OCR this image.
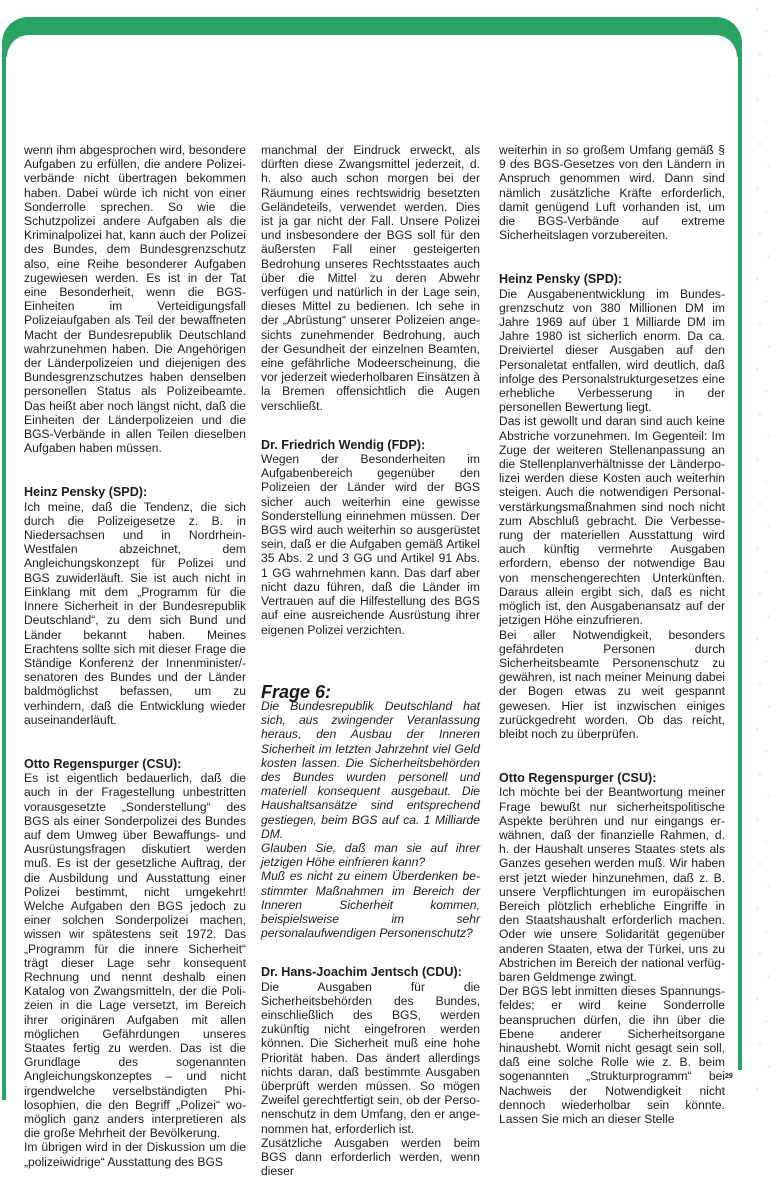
wenn ihm abgesprochen wird, besondere Aufgaben zu erfüllen, die andere Polizeiverbände nicht übertragen bekommen haben. Dabei würde ich nicht von einer Sonderrolle sprechen. So wie die Schutzpolizei andere Aufgaben als die Kriminalpolizei hat, kann auch der Polizei des Bundes, dem Bundesgrenzschutz also, eine Reihe besonderer Aufgaben zugewiesen werden. Es ist in der Tat eine Besonderheit, wenn die BGS-Einheiten im Verteidigungsfall Polizeiaufgaben als Teil der bewaffneten Macht der Bundesrepublik Deutschland wahrzunehmen haben. Die Angehörigen der Länderpolizeien und diejenigen des Bundesgrenzschutzes haben denselben personellen Status als Polizeibeamte. Das heißt aber noch längst nicht, daß die Einheiten der Länderpolizeien und die BGS-Verbände in allen Teilen dieselben Aufgaben haben müssen.

Heinz Pensky (SPD):

Ich meine, daß die Tendenz, die sich durch die Polizeigesetze z. B. in Niedersachsen und in Nordrhein-Westfalen abzeichnet, dem Angleichungskonzept für Polizei und BGS zuwiderläuft. Sie ist auch nicht in Einklang mit dem „Programm für die Innere Sicherheit in der Bundesrepublik Deutschland“, zu dem sich Bund und Länder bekannt haben. Meines Erachtens sollte sich mit dieser Frage die Ständige Konferenz der Innenminister/-senatoren des Bundes und der Länder baldmöglichst befassen, um zu verhindern, daß die Entwicklung wieder auseinanderläuft.

Otto Regenspurger (CSU):

Es ist eigentlich bedauerlich, daß die auch in der Fragestellung unbestritten vorausgesetzte „Sonderstellung“ des BGS als einer Sonderpolizei des Bundes auf dem Umweg über Bewaffungs- und Ausrüstungsfragen diskutiert werden muß. Es ist der gesetzliche Auftrag, der die Ausbildung und Ausstattung einer Polizei bestimmt, nicht umgekehrt! Welche Aufgaben den BGS jedoch zu einer solchen Sonderpolizei machen, wissen wir spätestens seit 1972. Das „Programm für die innere Sicherheit“ trägt dieser Lage sehr konsequent Rechnung und nennt deshalb einen Katalog von Zwangsmitteln, der die Polizeien in die Lage versetzt, im Bereich ihrer originären Aufgaben mit allen möglichen Gefährdungen unseres Staates fertig zu werden. Das ist die Grundlage des sogenannten Angleichungskonzeptes – und nicht irgendwelche verselbständigten Philosophien, die den Begriff „Polizei“ womöglich ganz anders interpretieren als die große Mehrheit der Bevölkerung.

Im übrigen wird in der Diskussion um die „polizeiwidrige“ Ausstattung des BGS

manchmal der Eindruck erweckt, als dürften diese Zwangsmittel jederzeit, d. h. also auch schon morgen bei der Räumung eines rechtswidrig besetzten Geländeteils, verwendet werden. Dies ist ja gar nicht der Fall. Unsere Polizei und insbesondere der BGS soll für den äußersten Fall einer gesteigerten Bedrohung unseres Rechtsstaates auch über die Mittel zu deren Abwehr verfügen und natürlich in der Lage sein, dieses Mittel zu bedienen. Ich sehe in der „Abrüstung“ unserer Polizeien angesichts zunehmender Bedrohung, auch der Gesundheit der einzelnen Beamten, eine gefährliche Modeerscheinung, die vor jederzeit wiederholbaren Einsätzen à la Bremen offensichtlich die Augen verschließt.

Dr. Friedrich Wendig (FDP):

Wegen der Besonderheiten im Aufgabenbereich gegenüber den Polizeien der Länder wird der BGS sicher auch weiterhin eine gewisse Sonderstellung einnehmen müssen. Der BGS wird auch weiterhin so ausgerüstet sein, daß er die Aufgaben gemäß Artikel 35 Abs. 2 und 3 GG und Artikel 91 Abs. 1 GG wahrnehmen kann. Das darf aber nicht dazu führen, daß die Länder im Vertrauen auf die Hilfestellung des BGS auf eine ausreichende Ausrüstung ihrer eigenen Polizei verzichten.

Frage 6:

Die Bundesrepublik Deutschland hat sich, aus zwingender Veranlassung heraus, den Ausbau der Inneren Sicherheit im letzten Jahrzehnt viel Geld kosten lassen. Die Sicherheitsbehörden des Bundes wurden personell und materiell konsequent ausgebaut. Die Haushaltsansätze sind entsprechend gestiegen, beim BGS auf ca. 1 Milliarde DM.

Glauben Sie, daß man sie auf ihrer jetzigen Höhe einfrieren kann?

Muß es nicht zu einem Überdenken bestimmter Maßnahmen im Bereich der Inneren Sicherheit kommen, beispielsweise im sehr personalaufwendigen Personenschutz?

Dr. Hans-Joachim Jentsch (CDU):

Die Ausgaben für die Sicherheitsbehörden des Bundes, einschließlich des BGS, werden zukünftig nicht eingefroren werden können. Die Sicherheit muß eine hohe Priorität haben. Das ändert allerdings nichts daran, daß bestimmte Ausgaben überprüft werden müssen. So mögen Zweifel gerechtfertigt sein, ob der Personenschutz in dem Umfang, den er angenommen hat, erforderlich ist.

Zusätzliche Ausgaben werden beim BGS dann erforderlich werden, wenn dieser

weiterhin in so großem Umfang gemäß § 9 des BGS-Gesetzes von den Ländern in Anspruch genommen wird. Dann sind nämlich zusätzliche Kräfte erforderlich, damit genügend Luft vorhanden ist, um die BGS-Verbände auf extreme Sicherheitslagen vorzubereiten.

Heinz Pensky (SPD):

Die Ausgabenentwicklung im Bundesgrenzschutz von 380 Millionen DM im Jahre 1969 auf über 1 Milliarde DM im Jahre 1980 ist sicherlich enorm. Da ca. Dreiviertel dieser Ausgaben auf den Personaletat entfallen, wird deutlich, daß infolge des Personalstrukturgesetzes eine erhebliche Verbesserung in der personellen Bewertung liegt.

Das ist gewollt und daran sind auch keine Abstriche vorzunehmen. Im Gegenteil: Im Zuge der weiteren Stellenanpassung an die Stellenplanverhältnisse der Länderpolizei werden diese Kosten auch weiterhin steigen. Auch die notwendigen Personalverstärkungsmaßnahmen sind noch nicht zum Abschluß gebracht. Die Verbesserung der materiellen Ausstattung wird auch künftig vermehrte Ausgaben erfordern, ebenso der notwendige Bau von menschengerechten Unterkünften. Daraus allein ergibt sich, daß es nicht möglich ist, den Ausgabenansatz auf der jetzigen Höhe einzufrieren.

Bei aller Notwendigkeit, besonders gefährdeten Personen durch Sicherheitsbeamte Personenschutz zu gewähren, ist nach meiner Meinung dabei der Bogen etwas zu weit gespannt gewesen. Hier ist inzwischen einiges zurückgedreht worden. Ob das reicht, bleibt noch zu überprüfen.

Otto Regenspurger (CSU):

Ich möchte bei der Beantwortung meiner Frage bewußt nur sicherheitspolitische Aspekte berühren und nur eingangs erwähnen, daß der finanzielle Rahmen, d. h. der Haushalt unseres Staates stets als Ganzes gesehen werden muß. Wir haben erst jetzt wieder hinzunehmen, daß z. B. unsere Verpflichtungen im europäischen Bereich plötzlich erhebliche Eingriffe in den Staatshaushalt erforderlich machen. Oder wie unsere Solidarität gegenüber anderen Staaten, etwa der Türkei, uns zu Abstrichen im Bereich der national verfügbaren Geldmenge zwingt.

Der BGS lebt inmitten dieses Spannungsfeldes; er wird keine Sonderrolle beanspruchen dürfen, die ihn über die Ebene anderer Sicherheitsorgane hinaushebt. Womit nicht gesagt sein soll, daß eine solche Rolle wie z. B. beim sogenannten „Strukturprogramm“ bei Nachweis der Notwendigkeit nicht dennoch wiederholbar sein könnte. Lassen Sie mich an dieser Stelle

29
